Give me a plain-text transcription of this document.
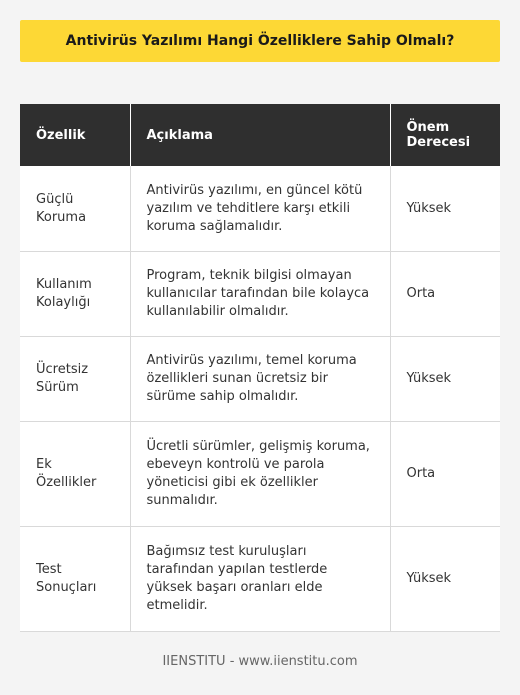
Antivirüs Yazılımı Hangi Özelliklere Sahip Olmalı?
Özellik	Açıklama	Önem Derecesi
Güçlü Koruma	Antivirüs yazılımı, en güncel kötü yazılım ve tehditlere karşı etkili koruma sağlamalıdır.	Yüksek
Kullanım Kolaylığı	Program, teknik bilgisi olmayan kullanıcılar tarafından bile kolayca kullanılabilir olmalıdır.	Orta
Ücretsiz Sürüm	Antivirüs yazılımı, temel koruma özellikleri sunan ücretsiz bir sürüme sahip olmalıdır.	Yüksek
Ek Özellikler	Ücretli sürümler, gelişmiş koruma, ebeveyn kontrolü ve parola yöneticisi gibi ek özellikler sunmalıdır.	Orta
Test Sonuçları	Bağımsız test kuruluşları tarafından yapılan testlerde yüksek başarı oranları elde etmelidir.	Yüksek
IIENSTITU - www.iienstitu.com
